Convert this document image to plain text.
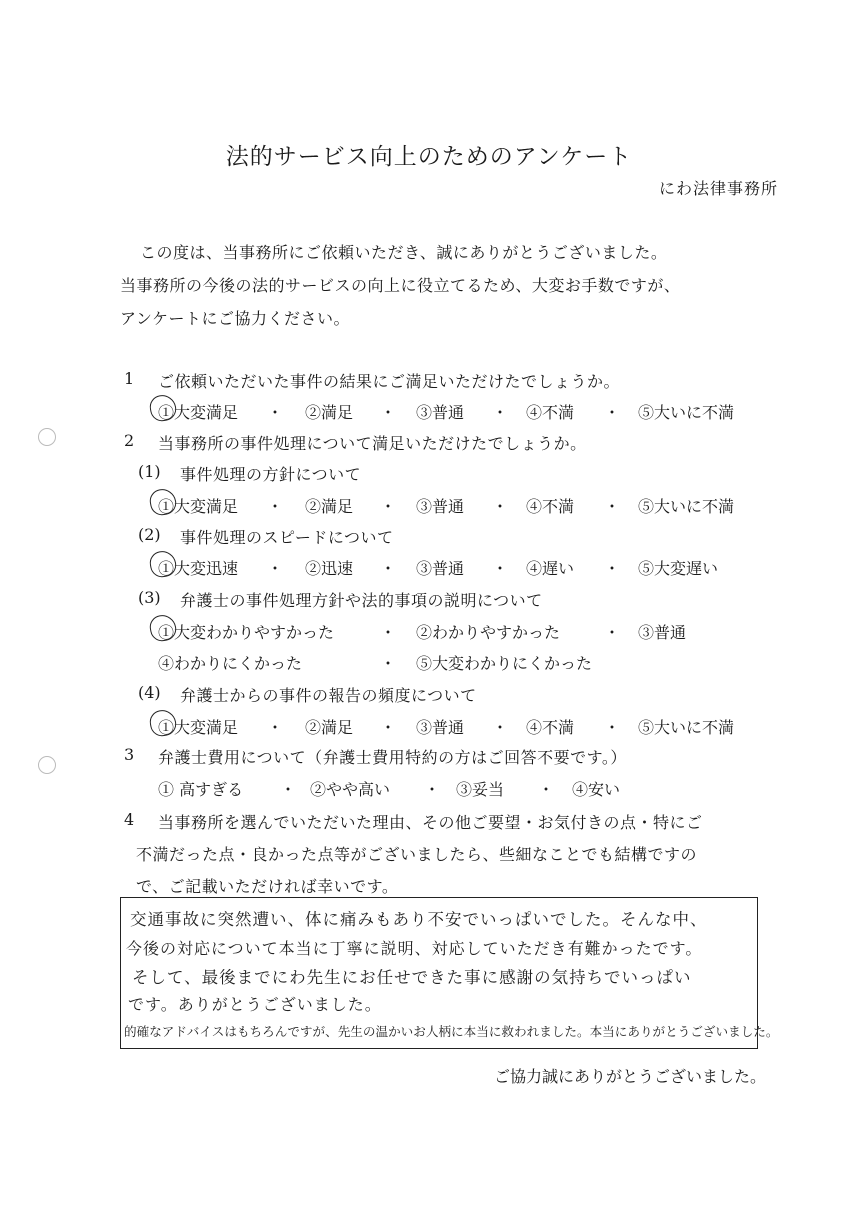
法的サービス向上のためのアンケート
にわ法律事務所
この度は、当事務所にご依頼いただき、誠にありがとうございました。
当事務所の今後の法的サービスの向上に役立てるため、大変お手数ですが、
アンケートにご協力ください。
1 ご依頼いただいた事件の結果にご満足いただけたでしょうか。
①大変満足 ・ ②満足 ・ ③普通 ・ ④不満 ・ ⑤大いに不満
2 当事務所の事件処理について満足いただけたでしょうか。
(1) 事件処理の方針について
①大変満足 ・ ②満足 ・ ③普通 ・ ④不満 ・ ⑤大いに不満
(2) 事件処理のスピードについて
①大変迅速 ・ ②迅速 ・ ③普通 ・ ④遅い ・ ⑤大変遅い
(3) 弁護士の事件処理方針や法的事項の説明について
①大変わかりやすかった	・ ②わかりやすかった	・ ③普通
④わかりにくかった	・ ⑤大変わかりにくかった
(4) 弁護士からの事件の報告の頻度について
①大変満足 ・ ②満足 ・ ③普通 ・ ④不満 ・ ⑤大いに不満
3 弁護士費用について（弁護士費用特約の方はご回答不要です。）
① 高すぎる ・ ②やや高い ・ ③妥当 ・ ④安い
4 当事務所を選んでいただいた理由、その他ご要望・お気付きの点・特にご
不満だった点・良かった点等がございましたら、些細なことでも結構ですの
で、ご記載いただければ幸いです。
交通事故に突然遭い、体に痛みもあり不安でいっぱいでした。そんな中、
今後の対応について本当に丁寧に説明、対応していただき有難かったです。
そして、最後までにわ先生にお任せできた事に感謝の気持ちでいっぱい
です。ありがとうございました。
的確なアドバイスはもちろんですが、先生の温かいお人柄に本当に救われました。本当にありがとうございました。
ご協力誠にありがとうございました。
